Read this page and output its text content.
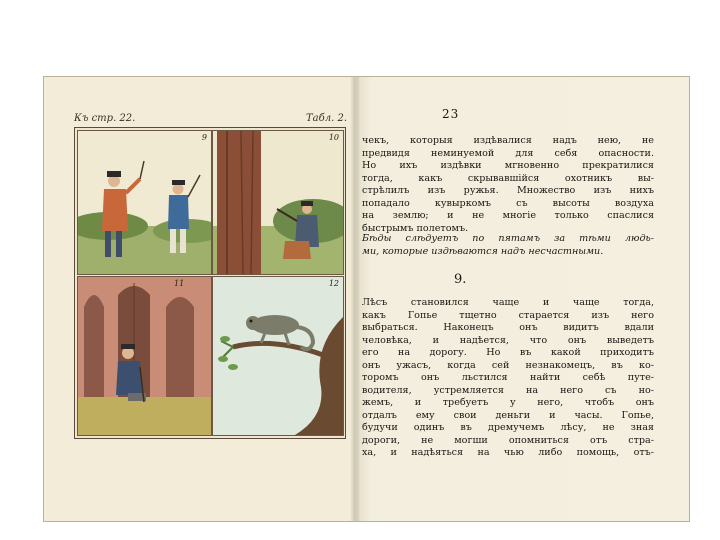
Къ стр. 22.	Табл. 2.
9	10
11	12
23
чекъ, которыя издѣвалися надъ нею, не
предвидя неминуемой для себя опасности.
Но ихъ издѣвки мгновенно прекратилися
тогда, какъ скрывавшійся охотникъ вы-
стрѣлилъ изъ ружья. Множество изъ нихъ
попадало кувыркомъ съ высоты воздуха
на землю; и не многіе только спаслися
быстрымъ полетомъ.
Бѣды слѣдуетъ по пятамъ за тѣми людь-
ми, которые издѣваются надъ несчастными.
9.
Лѣсъ становился чаще и чаще тогда,
какъ Гопье тщетно старается изъ него
выбраться. Наконецъ онъ видитъ вдали
человѣка, и надѣется, что онъ выведетъ
его на дорогу. Но въ какой приходитъ
онъ ужасъ, когда сей незнакомецъ, въ ко-
торомъ онъ льстился найти себѣ путе-
водителя, устремляется на него съ но-
жемъ, и требуетъ у него, чтобъ онъ
отдалъ ему свои деньги и часы. Гопье,
будучи одинъ въ дремучемъ лѣсу, не зная
дороги, не могши опомниться отъ стра-
ха, и надѣяться на чью либо помощь, отъ-
